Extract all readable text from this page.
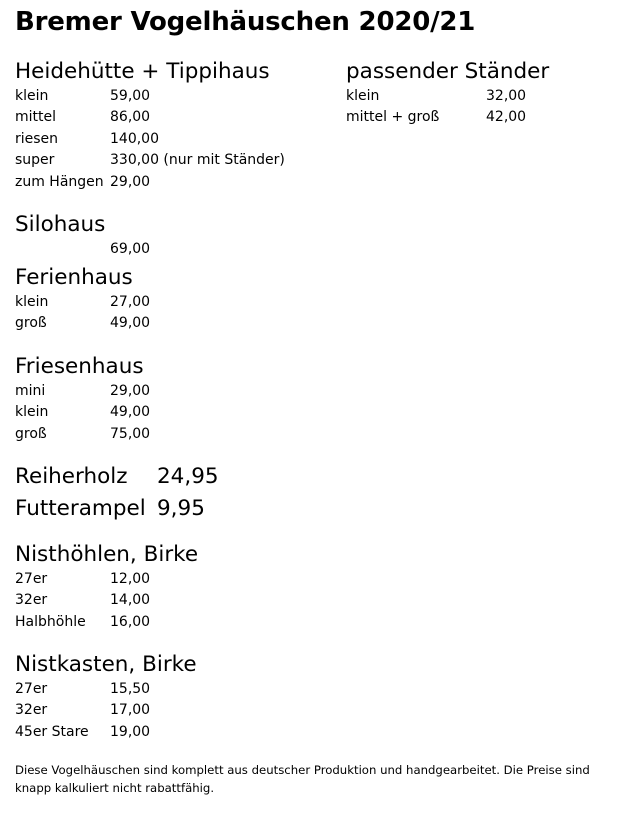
Bremer Vogelhäuschen 2020/21
Heidehütte + Tippihaus
klein	59,00
mittel	86,00
riesen	140,00
super	330,00 (nur mit Ständer)
zum Hängen 29,00
passender Ständer
klein	32,00
mittel + groß	42,00
Silohaus
69,00
Ferienhaus
klein	27,00
groß	49,00
Friesenhaus
mini	29,00
klein	49,00
groß	75,00
Reiherholz 24,95
Futterampel 9,95
Nisthöhlen, Birke
27er	12,00
32er	14,00
Halbhöhle 16,00
Nistkasten, Birke
27er	15,50
32er	17,00
45er Stare 19,00
Diese Vogelhäuschen sind komplett aus deutscher Produktion und handgearbeitet. Die Preise sind knapp kalkuliert nicht rabattfähig.
